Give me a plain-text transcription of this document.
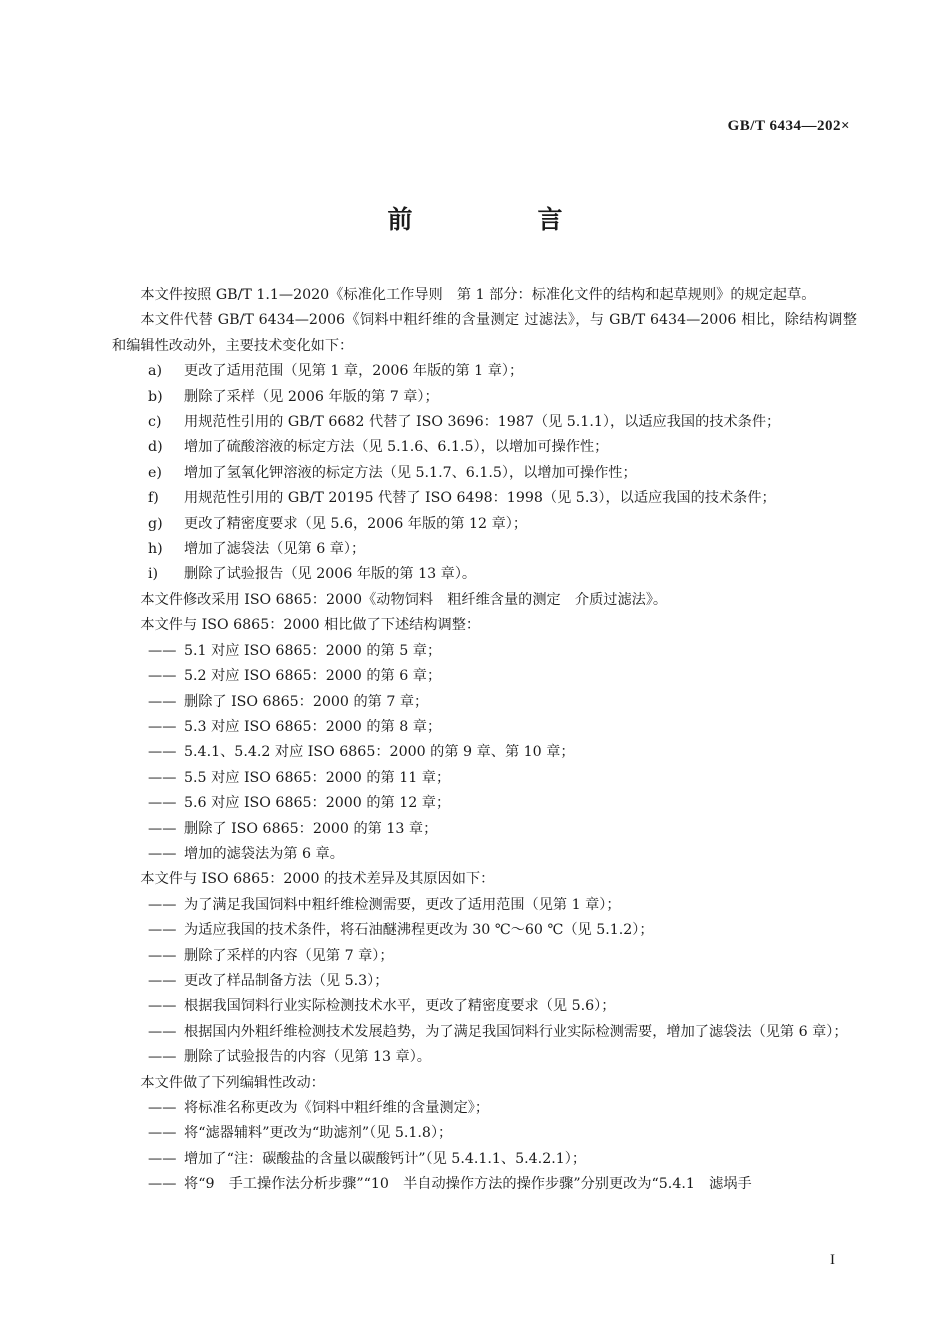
GB/T 6434—202×
前　言

本文件按照 GB/T 1.1—2020《标准化工作导则　第 1 部分：标准化文件的结构和起草规则》的规定起草。

本文件代替 GB/T 6434—2006《饲料中粗纤维的含量测定 过滤法》，与 GB/T 6434—2006 相比，除结构调整和编辑性改动外，主要技术变化如下：

a) 更改了适用范围（见第 1 章，2006 年版的第 1 章）；
b) 删除了采样（见 2006 年版的第 7 章）；
c) 用规范性引用的 GB/T 6682 代替了 ISO 3696：1987（见 5.1.1），以适应我国的技术条件；
d) 增加了硫酸溶液的标定方法（见 5.1.6、6.1.5），以增加可操作性；
e) 增加了氢氧化钾溶液的标定方法（见 5.1.7、6.1.5），以增加可操作性；
f) 用规范性引用的 GB/T 20195 代替了 ISO 6498：1998（见 5.3），以适应我国的技术条件；
g) 更改了精密度要求（见 5.6，2006 年版的第 12 章）；
h) 增加了滤袋法（见第 6 章）；
i) 删除了试验报告（见 2006 年版的第 13 章）。

本文件修改采用 ISO 6865：2000《动物饲料　粗纤维含量的测定　介质过滤法》。

本文件与 ISO 6865：2000 相比做了下述结构调整：

—— 5.1 对应 ISO 6865：2000 的第 5 章；
—— 5.2 对应 ISO 6865：2000 的第 6 章；
—— 删除了 ISO 6865：2000 的第 7 章；
—— 5.3 对应 ISO 6865：2000 的第 8 章；
—— 5.4.1、5.4.2 对应 ISO 6865：2000 的第 9 章、第 10 章；
—— 5.5 对应 ISO 6865：2000 的第 11 章；
—— 5.6 对应 ISO 6865：2000 的第 12 章；
—— 删除了 ISO 6865：2000 的第 13 章；
—— 增加的滤袋法为第 6 章。

本文件与 ISO 6865：2000 的技术差异及其原因如下：

—— 为了满足我国饲料中粗纤维检测需要，更改了适用范围（见第 1 章）；
—— 为适应我国的技术条件，将石油醚沸程更改为 30 ℃～60 ℃（见 5.1.2）；
—— 删除了采样的内容（见第 7 章）；
—— 更改了样品制备方法（见 5.3）；
—— 根据我国饲料行业实际检测技术水平，更改了精密度要求（见 5.6）；
—— 根据国内外粗纤维检测技术发展趋势，为了满足我国饲料行业实际检测需要，增加了滤袋法（见第 6 章）；
—— 删除了试验报告的内容（见第 13 章）。

本文件做了下列编辑性改动：

—— 将标准名称更改为《饲料中粗纤维的含量测定》；
—— 将“滤器辅料”更改为“助滤剂”（见 5.1.8）；
—— 增加了“注：碳酸盐的含量以碳酸钙计”（见 5.4.1.1、5.4.2.1）；
—— 将“9　手工操作法分析步骤”“10　半自动操作方法的操作步骤”分别更改为“5.4.1　滤埚手
I
